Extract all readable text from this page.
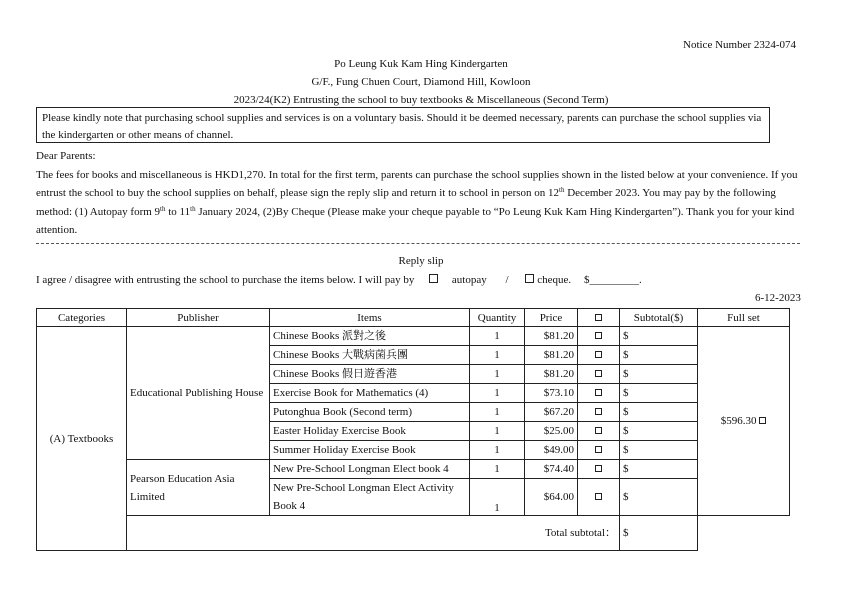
Notice Number 2324-074
Po Leung Kuk Kam Hing Kindergarten
G/F., Fung Chuen Court, Diamond Hill, Kowloon
2023/24(K2) Entrusting the school to buy textbooks & Miscellaneous (Second Term)
Please kindly note that purchasing school supplies and services is on a voluntary basis. Should it be deemed necessary, parents can purchase the school supplies via the kindergarten or other means of channel.

Dear Parents:

The fees for books and miscellaneous is HKD1,270. In total for the first term, parents can purchase the school supplies shown in the listed below at your convenience. If you entrust the school to buy the school supplies on behalf, please sign the reply slip and return it to school in person on 12th December 2023. You may pay by the following method: (1) Autopay form 9th to 11th January 2024, (2)By Cheque (Please make your cheque payable to “Po Leung Kuk Kam Hing Kindergarten”). Thank you for your kind attention.

Reply slip
I agree / disagree with entrusting the school to purchase the items below. I will pay by	autopay /	cheque. $_________.
6-12-2023
Categories	Publisher	Items	Quantity	Price		Subtotal($)	Full set
(A) Textbooks	Educational Publishing House	Chinese Books 派對之後	1	$81.20		$	$596.30
		Chinese Books 大戰病菌兵團	1	$81.20		$	
		Chinese Books 假日遊香港	1	$81.20		$	
		Exercise Book for Mathematics (4)	1	$73.10		$	
		Putonghua Book (Second term)	1	$67.20		$	
		Easter Holiday Exercise Book	1	$25.00		$	
		Summer Holiday Exercise Book	1	$49.00		$	
	Pearson Education Asia Limited	New Pre-School Longman Elect book 4	1	$74.40		$	
		New Pre-School Longman Elect Activity Book 4	1	$64.00		$	
	Total subtotal：					$	
